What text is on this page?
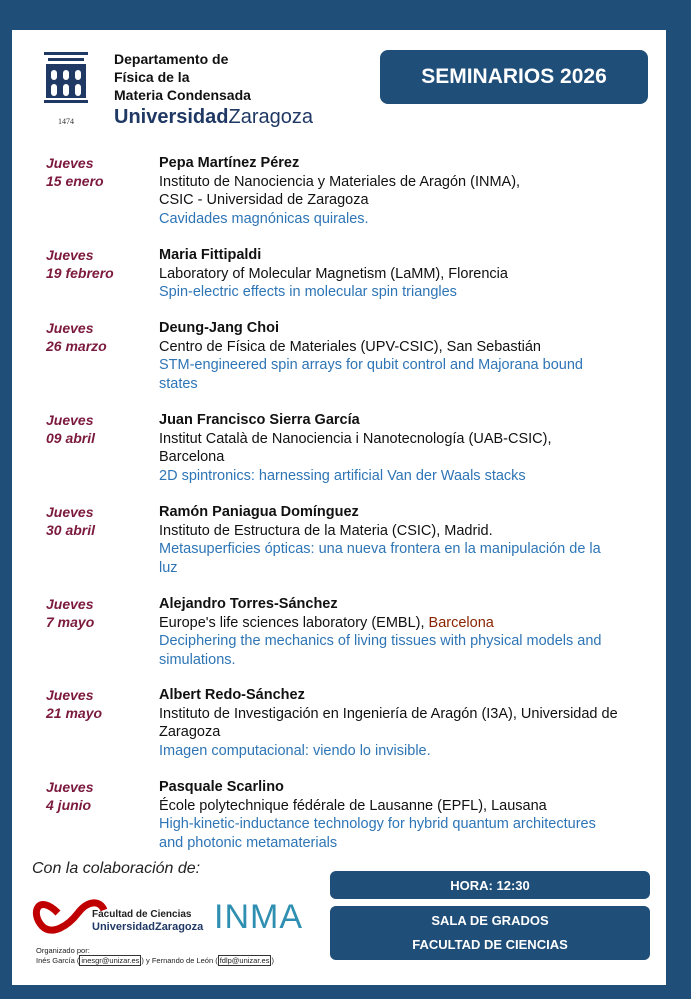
1474
Departamento de
Física de la
Materia Condensada
UniversidadZaragoza
SEMINARIOS 2026
Jueves
15 enero
Pepa Martínez Pérez
Instituto de Nanociencia y Materiales de Aragón (INMA),
CSIC - Universidad de Zaragoza
Cavidades magnónicas quirales.
Jueves
19 febrero
Maria Fittipaldi
Laboratory of Molecular Magnetism (LaMM), Florencia
Spin-electric effects in molecular spin triangles
Jueves
26 marzo
Deung-Jang Choi
Centro de Física de Materiales (UPV-CSIC), San Sebastián
STM-engineered spin arrays for qubit control and Majorana bound
states
Jueves
09 abril
Juan Francisco Sierra García
Institut Català de Nanociencia i Nanotecnología (UAB-CSIC),
Barcelona
2D spintronics: harnessing artificial Van der Waals stacks
Jueves
30 abril
Ramón Paniagua Domínguez
Instituto de Estructura de la Materia (CSIC), Madrid.
Metasuperficies ópticas: una nueva frontera en la manipulación de la
luz
Jueves
7 mayo
Alejandro Torres-Sánchez
Europe's life sciences laboratory (EMBL), Barcelona
Deciphering the mechanics of living tissues with physical models and
simulations.
Jueves
21 mayo
Albert Redo-Sánchez
Instituto de Investigación en Ingeniería de Aragón (I3A), Universidad de
Zaragoza
Imagen computacional: viendo lo invisible.
Jueves
4 junio
Pasquale Scarlino
École polytechnique fédérale de Lausanne (EPFL), Lausana
High-kinetic-inductance technology for hybrid quantum architectures
and photonic metamaterials
Con la colaboración de:
Facultad de Ciencias
UniversidadZaragoza INMA
HORA: 12:30
SALA DE GRADOS
FACULTAD DE CIENCIAS
Organizado por:
Inés García ( inesgr@unizar.es ) y Fernando de León ( fdlp@unizar.es )
